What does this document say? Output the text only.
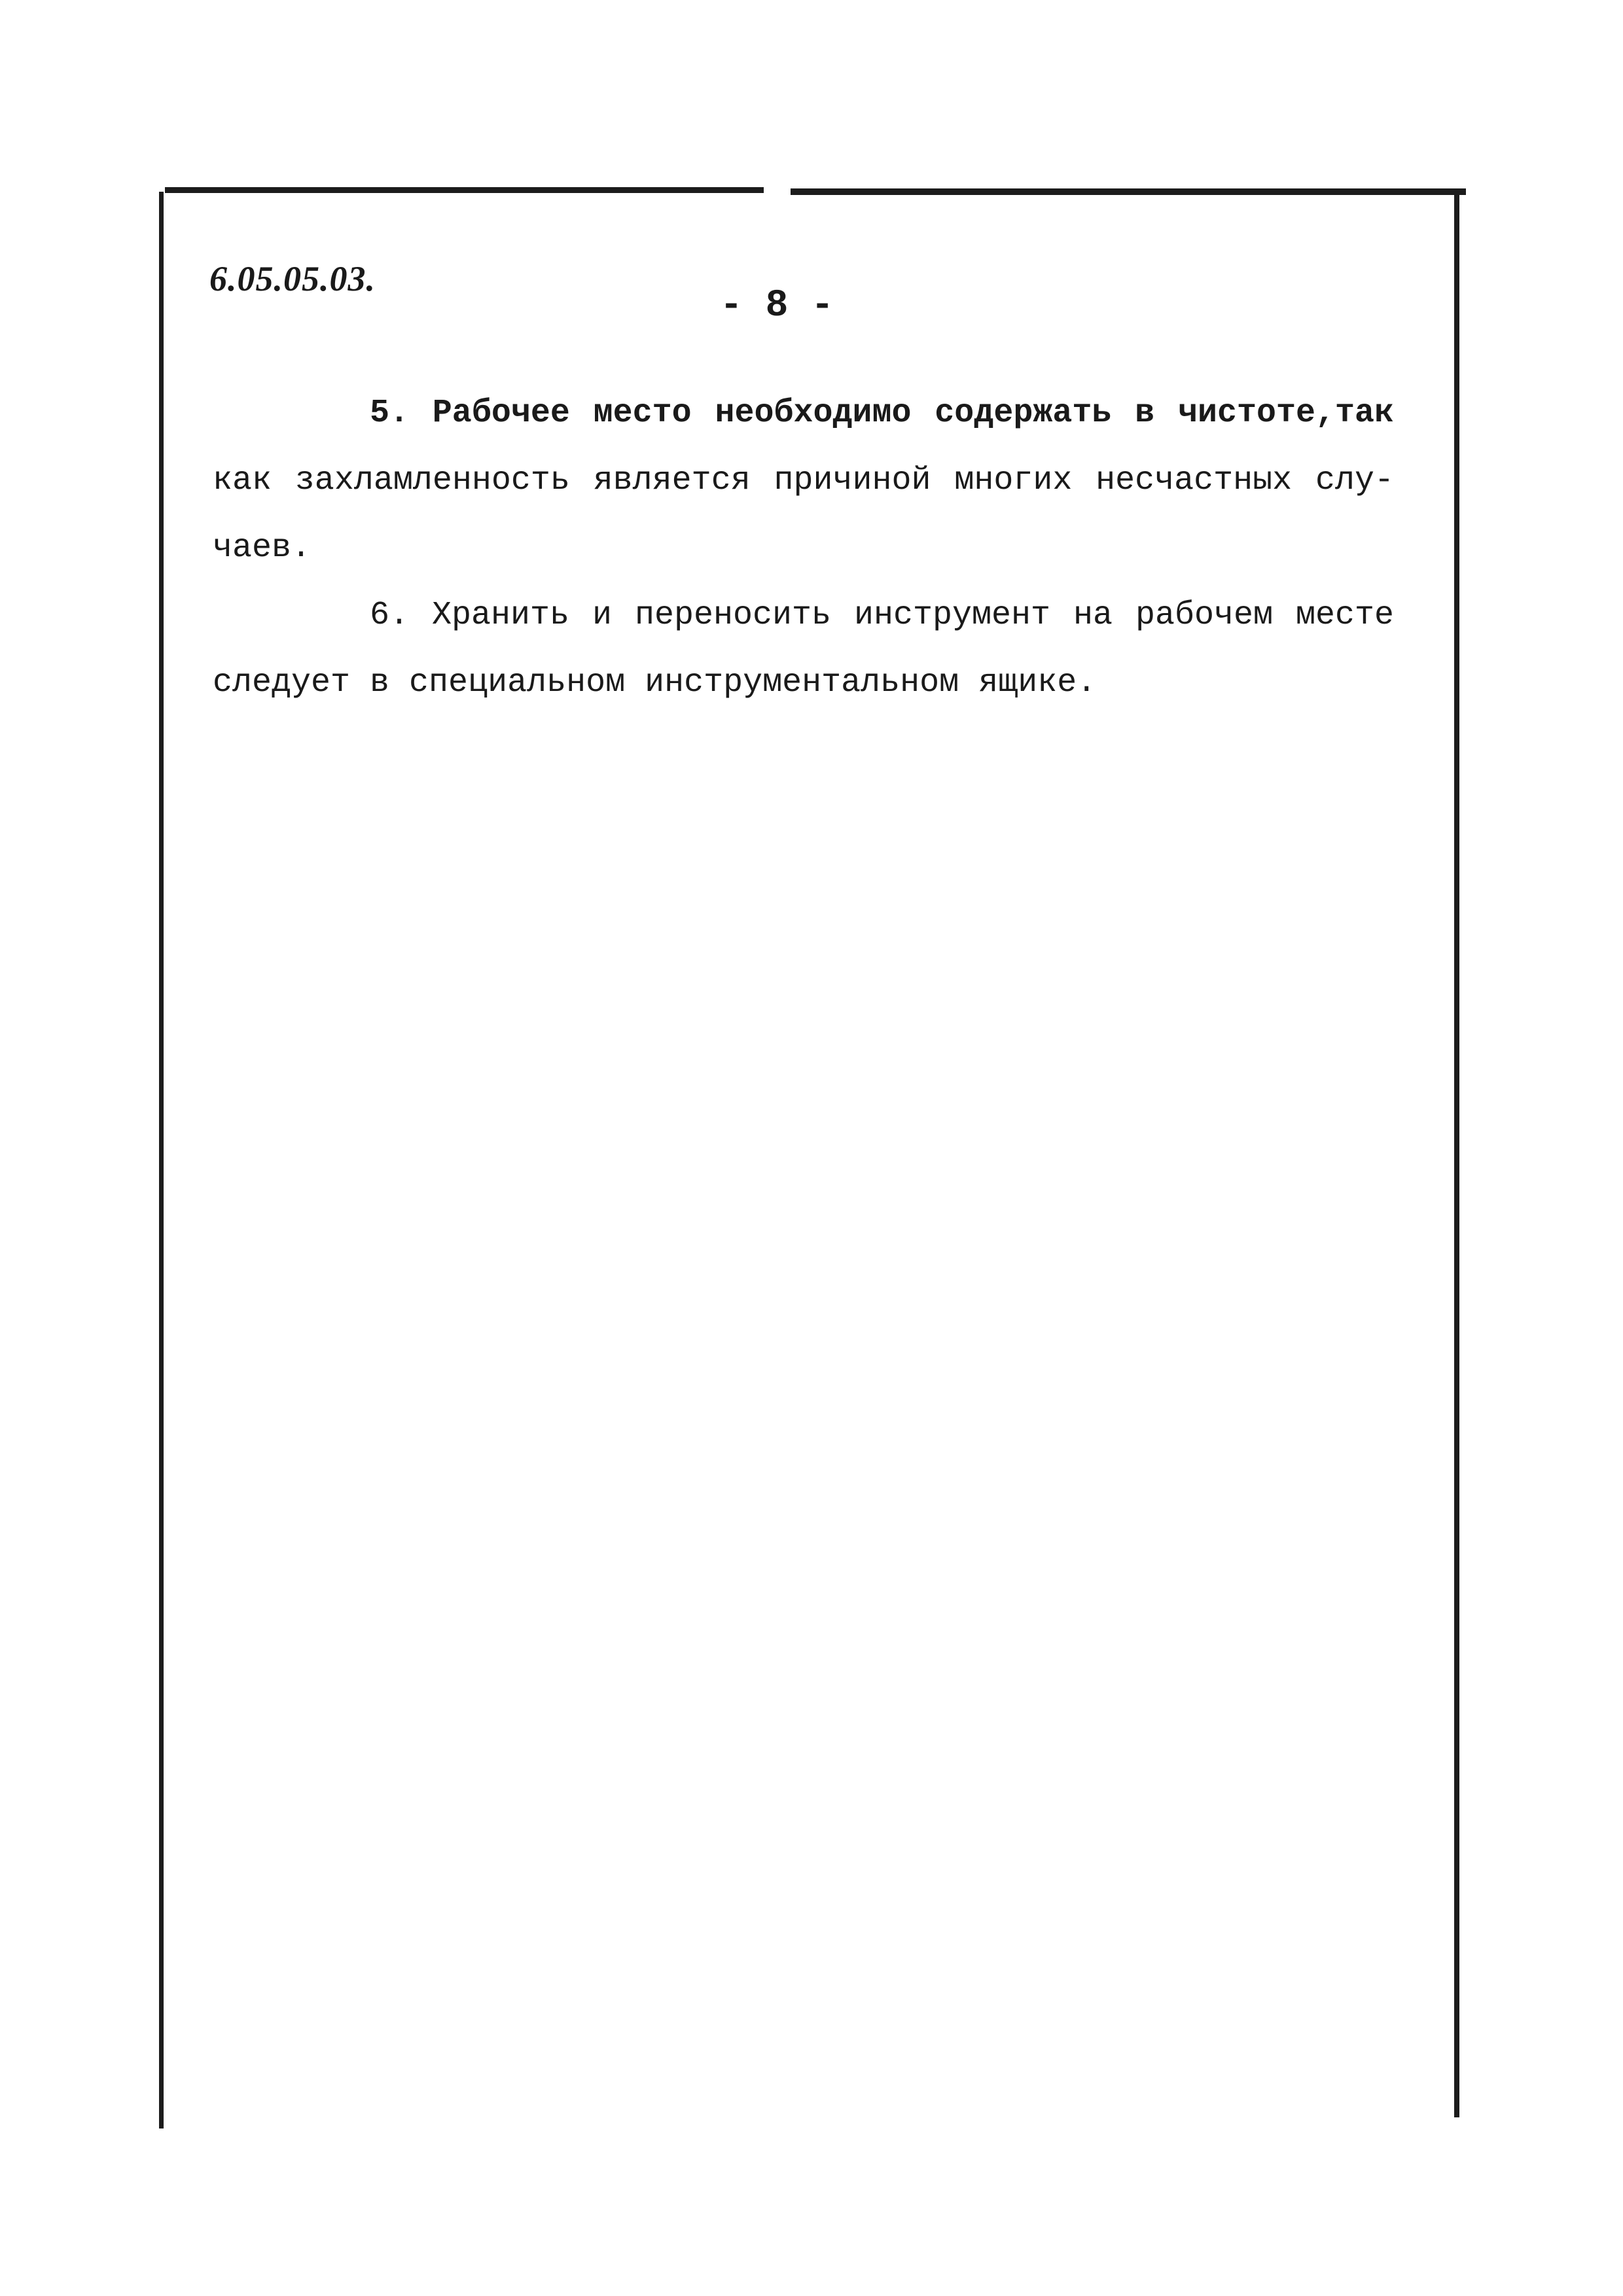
6.05.05.03.
- 8 -
5. Рабочее место необходимо содержать в чистоте,так
как захламленность является причиной многих несчастных слу-
чаев.
6. Хранить и переносить инструмент на рабочем месте
следует в специальном инструментальном ящике.
